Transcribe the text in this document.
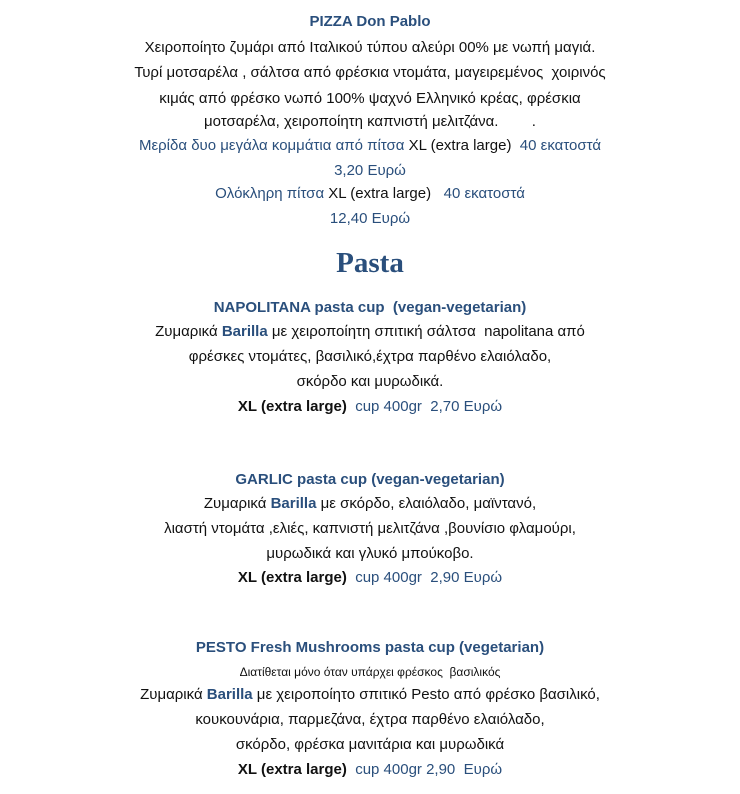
PIZZA Don Pablo
Χειροποίητο ζυμάρι από Ιταλικού τύπου αλεύρι 00% με νωπή μαγιά.
Τυρί μοτσαρέλα , σάλτσα από φρέσκια ντομάτα, μαγειρεμένος  χοιρινός
κιμάς από φρέσκο νωπό 100% ψαχνό Ελληνικό κρέας, φρέσκια
μοτσαρέλα, χειροποίητη καπνιστή μελιτζάνα.        .
Μερίδα δυο μεγάλα κομμάτια από πίτσα XL (extra large) 40 εκατοστά
3,20 Ευρώ
Ολόκληρη πίτσα XL (extra large) 40 εκατοστά
12,40 Ευρώ
Pasta
NAPOLITANA pasta cup  (vegan-vegetarian)
Ζυμαρικά Barilla με χειροποίητη σπιτική σάλτσα  napolitana από
φρέσκες ντομάτες, βασιλικό,έχτρα παρθένο ελαιόλαδο,
σκόρδο και μυρωδικά.
XL (extra large)  cup 400gr  2,70 Ευρώ
GARLIC pasta cup (vegan-vegetarian)
Ζυμαρικά Barilla με σκόρδο, ελαιόλαδο, μαϊντανό,
λιαστή ντομάτα ,ελιές, καπνιστή μελιτζάνα ,βουνίσιο φλαμούρι,
μυρωδικά και γλυκό μπούκοβο.
XL (extra large)  cup 400gr  2,90 Ευρώ
PESTO Fresh Mushrooms pasta cup (vegetarian)
Διατίθεται μόνο όταν υπάρχει φρέσκος  βασιλικός
Ζυμαρικά Barilla με χειροποίητο σπιτικό Pesto από φρέσκο βασιλικό,
κουκουνάρια, παρμεζάνα, έχτρα παρθένο ελαιόλαδο,
σκόρδο, φρέσκα μανιτάρια και μυρωδικά
XL (extra large)  cup 400gr 2,90  Ευρώ
